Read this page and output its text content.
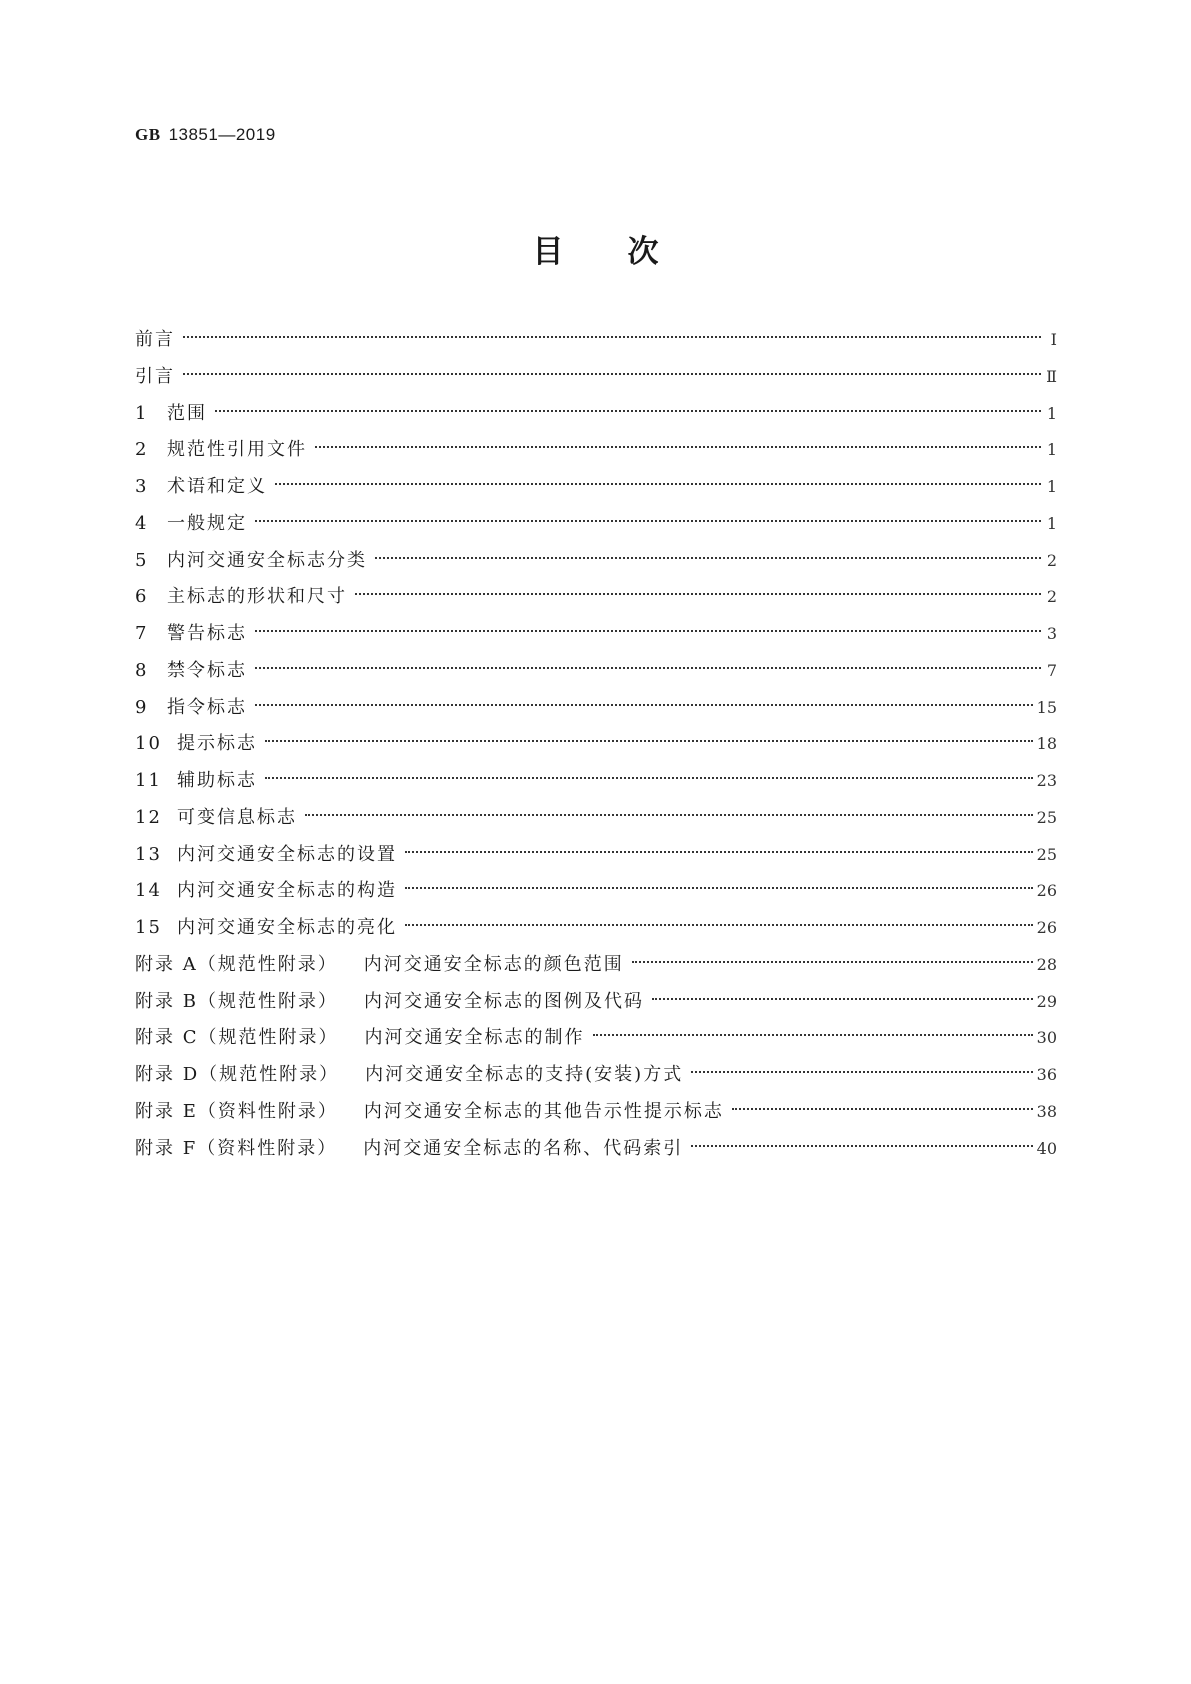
GB 13851—2019
目 次
前言	Ⅰ
引言	Ⅱ
1	范围	1
2	规范性引用文件	1
3	术语和定义	1
4	一般规定	1
5	内河交通安全标志分类	2
6	主标志的形状和尺寸	2
7	警告标志	3
8	禁令标志	7
9	指令标志	15
10 提示标志	18
11 辅助标志	23
12 可变信息标志	25
13 内河交通安全标志的设置	25
14 内河交通安全标志的构造	26
15 内河交通安全标志的亮化	26
附录 A（规范性附录） 内河交通安全标志的颜色范围	28
附录 B（规范性附录） 内河交通安全标志的图例及代码	29
附录 C（规范性附录） 内河交通安全标志的制作	30
附录 D（规范性附录） 内河交通安全标志的支持(安装)方式	36
附录 E（资料性附录） 内河交通安全标志的其他告示性提示标志	38
附录 F（资料性附录） 内河交通安全标志的名称、代码索引	40
